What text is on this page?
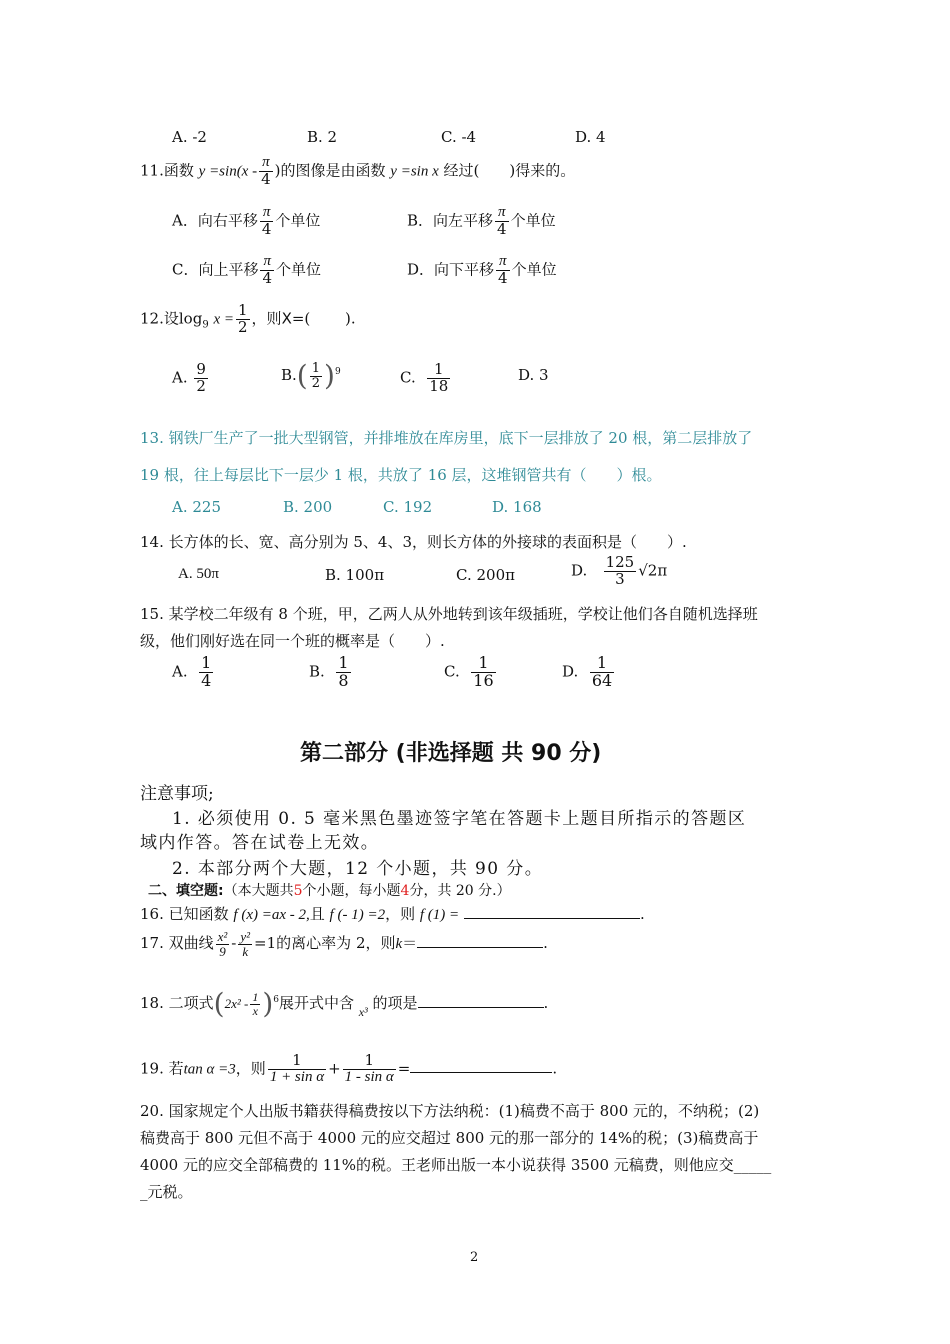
A. -2	B. 2	C. -4	D. 4
11.函数 $y =\sin(x - \frac{\pi}{4}$ )的图像是由函数 y =sin x 经过(　　)得来的。
A．向右平移 $\frac{\pi}{4}$ 个单位	B．向左平移 $\frac{\pi}{4}$ 个单位
C．向上平移 $\frac{\pi}{4}$ 个单位	D．向下平移 $\frac{\pi}{4}$ 个单位
12.设$\log_9 x = \frac{1}{2}$ ，则X=(　　 ).
A. $\frac{9}{2}$	$B.( \frac{1}{2} )^9$	C. $\frac{1}{18}$	D. 3
13. 钢铁厂生产了一批大型钢管，并排堆放在库房里，底下一层排放了 20 根，第二层排放了
19 根，往上每层比下一层少 1 根，共放了 16 层，这堆钢管共有（　　）根。
A. 225	B. 200	C. 192	D. 168
14. 长方体的长、宽、高分别为 5、4、3，则长方体的外接球的表面积是（　　）.
A. 50π	B. 100π	C. 200π	D. $\frac{125}{3} √2\pi$
15. 某学校二年级有 8 个班，甲，乙两人从外地转到该年级插班，学校让他们各自随机选择班
级，他们刚好选在同一个班的概率是（　　）.
A. $\frac{1}{4}$	B. $\frac{1}{8}$	C. $\frac{1}{16}$	D. $\frac{1}{64}$
第二部分 (非选择题 共 90 分)
注意事项;
1. 必须使用 0. 5 毫米黑色墨迹签字笔在答题卡上题目所指示的答题区
域内作答。答在试卷上无效。
2. 本部分两个大题，12 个小题，共 90 分。
二、填空题:（本大题共5个小题，每小题4分，共 20 分.）
16. 已知函数 f (x) =ax - 2,且 f (- 1) =2，则 f (1) =	.
17. 双曲线 $\frac{\text{x²}}{9} - \frac{\text{y²}}{k} =1$的离心率为 2，则k＝	.
18. 二项式$(2x^2 - \frac{1}{x} )^6$展开式中含 $_{x^3}$ 的项是	.
19. 若tan α =3，则 $\frac{1}{\text{1 + sin α}} + \frac{1}{\text{1 - sin α}}$ =	.
20. 国家规定个人出版书籍获得稿费按以下方法纳税：(1)稿费不高于 800 元的，不纳税；(2)
稿费高于 800 元但不高于 4000 元的应交超过 800 元的那一部分的 14%的税；(3)稿费高于
4000 元的应交全部稿费的 11%的税。王老师出版一本小说获得 3500 元稿费，则他应交_____
_元税。
2
